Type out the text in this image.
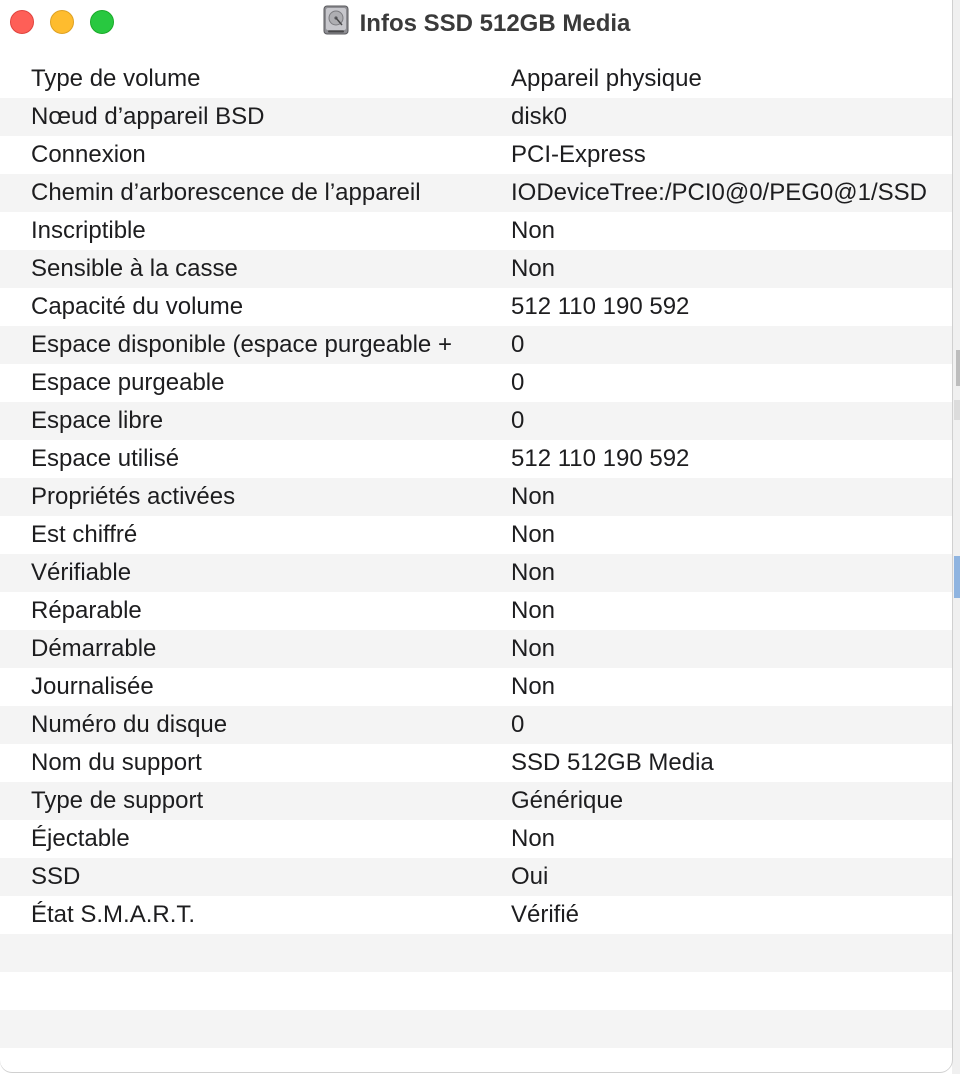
Infos SSD 512GB Media
Type de volume	Appareil physique
Nœud d’appareil BSD	disk0
Connexion	PCI-Express
Chemin d’arborescence de l’appareil	IODeviceTree:/PCI0@0/PEG0@1/SSD
Inscriptible	Non
Sensible à la casse	Non
Capacité du volume	512 110 190 592
Espace disponible (espace purgeable +	0
Espace purgeable	0
Espace libre	0
Espace utilisé	512 110 190 592
Propriétés activées	Non
Est chiffré	Non
Vérifiable	Non
Réparable	Non
Démarrable	Non
Journalisée	Non
Numéro du disque	0
Nom du support	SSD 512GB Media
Type de support	Générique
Éjectable	Non
SSD	Oui
État S.M.A.R.T.	Vérifié
